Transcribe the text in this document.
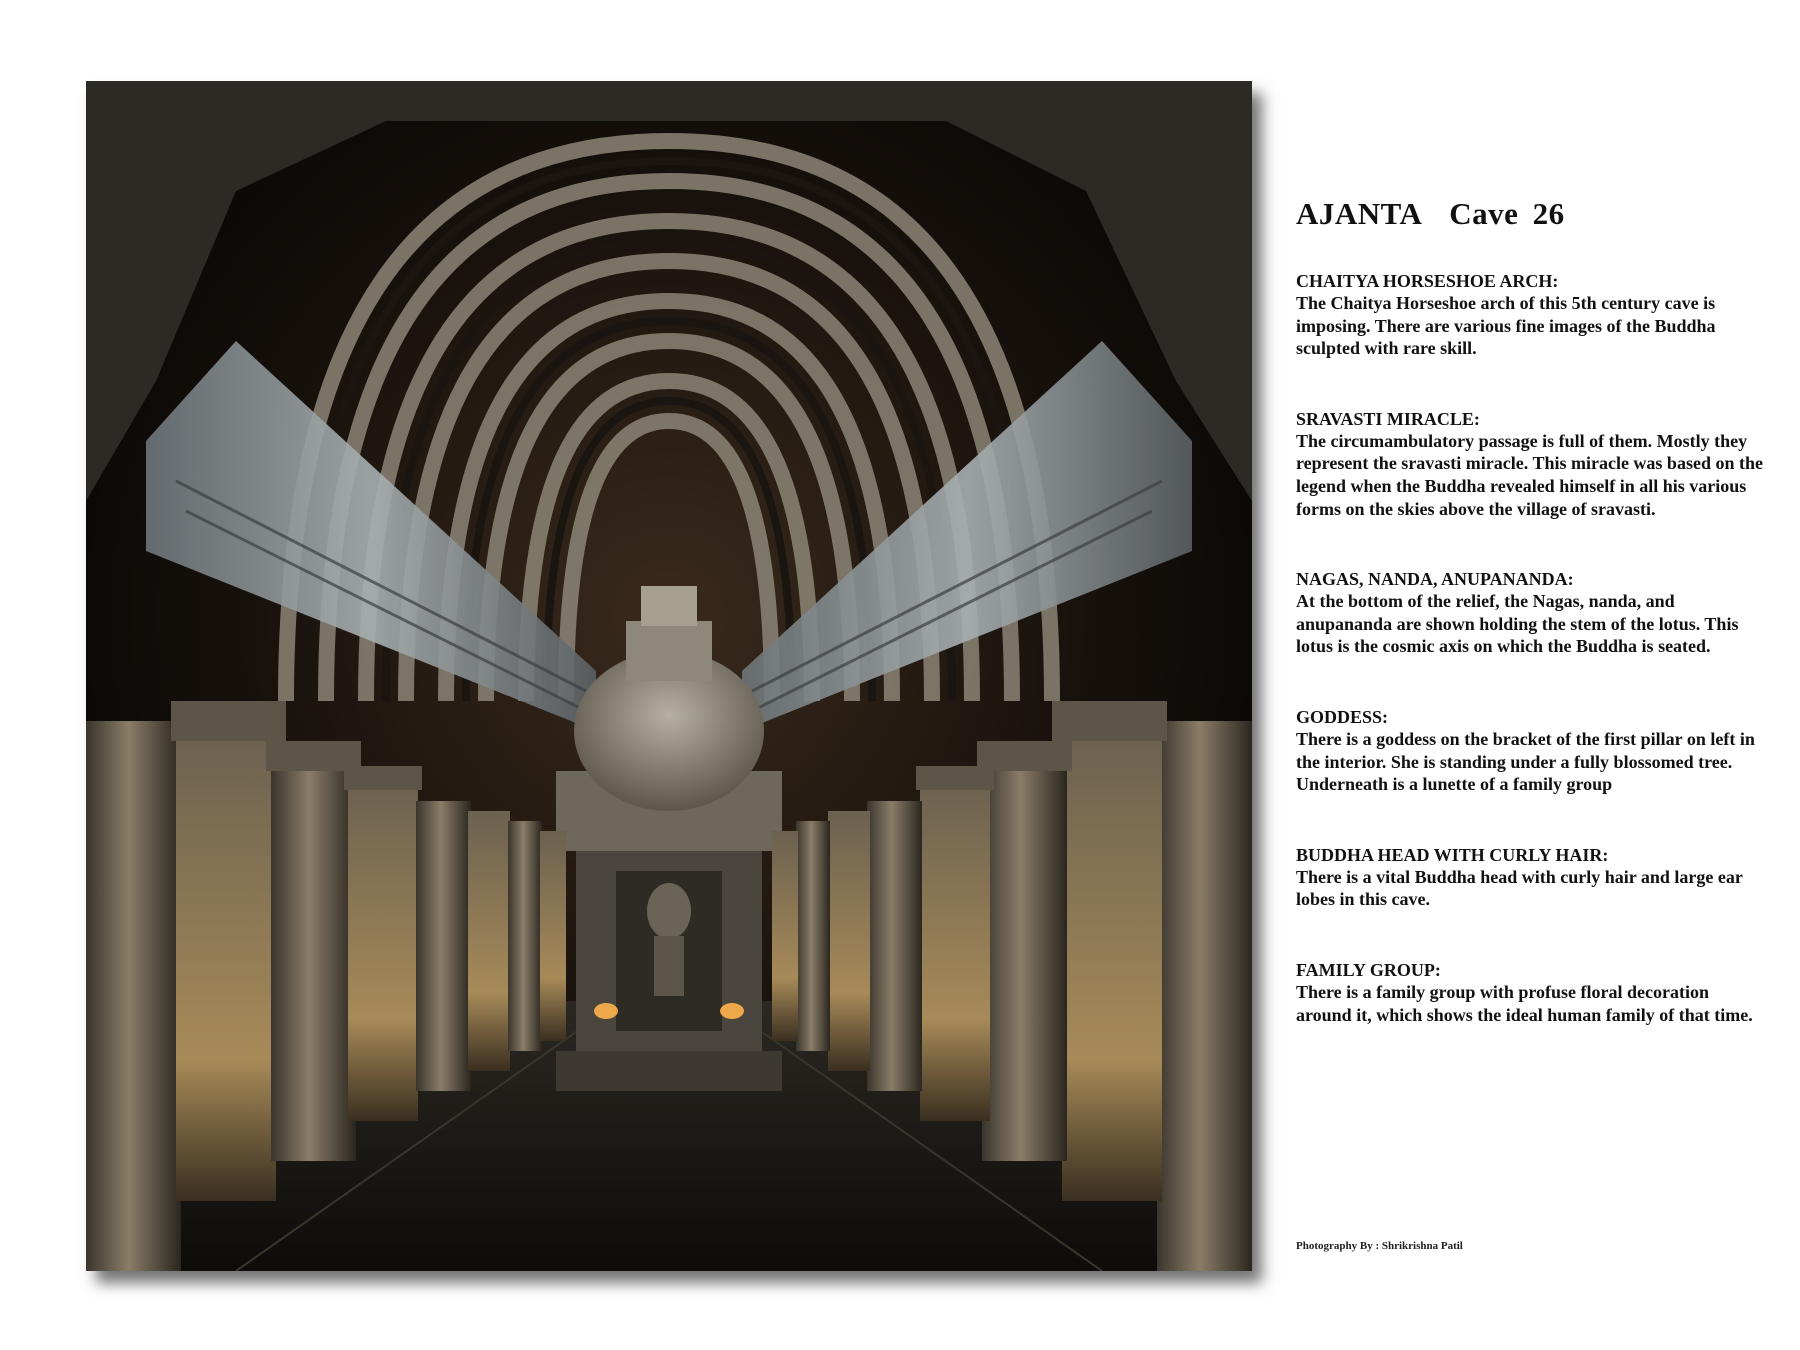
AJANTA  Cave 26
CHAITYA HORSESHOE ARCH:
The Chaitya Horseshoe arch of this 5th century cave is imposing. There are various fine images of the Buddha sculpted with rare skill.
SRAVASTI MIRACLE:
The circumambulatory passage is full of them. Mostly they represent the sravasti miracle. This miracle was based on the legend when the Buddha revealed himself in all his various forms on the skies above the village of sravasti.
NAGAS, NANDA, ANUPANANDA:
At the bottom of the relief, the Nagas, nanda, and anupananda are shown holding the stem of the lotus. This lotus is the cosmic axis on which the Buddha is seated.
GODDESS:
There is a goddess on the bracket of the first pillar on left in the interior. She is standing under a fully blossomed tree. Underneath is a lunette of a family group
BUDDHA HEAD WITH CURLY HAIR:
There is a vital Buddha head with curly hair and large ear lobes in this cave.
FAMILY GROUP:
There is a family group with profuse floral decoration around it, which shows the ideal human family of that time.
Photography By : Shrikrishna Patil
